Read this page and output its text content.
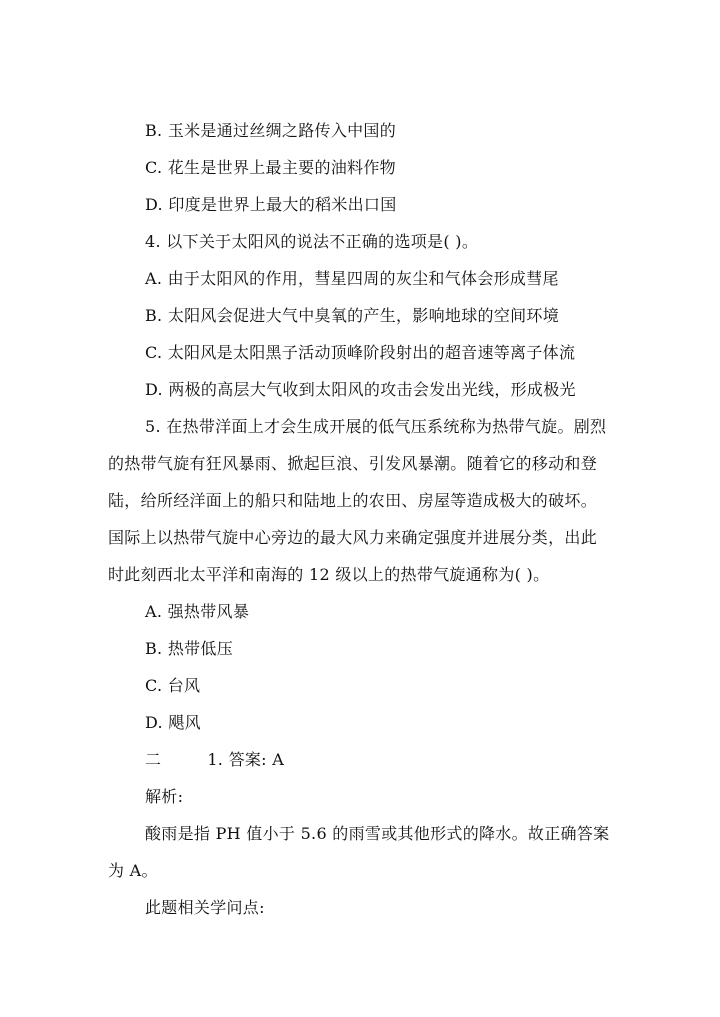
B. 玉米是通过丝绸之路传入中国的
C. 花生是世界上最主要的油料作物
D. 印度是世界上最大的稻米出口国
4. 以下关于太阳风的说法不正确的选项是( )。
A. 由于太阳风的作用，彗星四周的灰尘和气体会形成彗尾
B. 太阳风会促进大气中臭氧的产生，影响地球的空间环境
C. 太阳风是太阳黑子活动顶峰阶段射出的超音速等离子体流
D. 两极的高层大气收到太阳风的攻击会发出光线，形成极光
5. 在热带洋面上才会生成开展的低气压系统称为热带气旋。剧烈
的热带气旋有狂风暴雨、掀起巨浪、引发风暴潮。随着它的移动和登
陆，给所经洋面上的船只和陆地上的农田、房屋等造成极大的破坏。
国际上以热带气旋中心旁边的最大风力来确定强度并进展分类，出此
时此刻西北太平洋和南海的 12 级以上的热带气旋通称为( )。
A. 强热带风暴
B. 热带低压
C. 台风
D. 飓风
二	1. 答案: A
解析:
酸雨是指 PH 值小于 5.6 的雨雪或其他形式的降水。故正确答案
为 A。
此题相关学问点:
